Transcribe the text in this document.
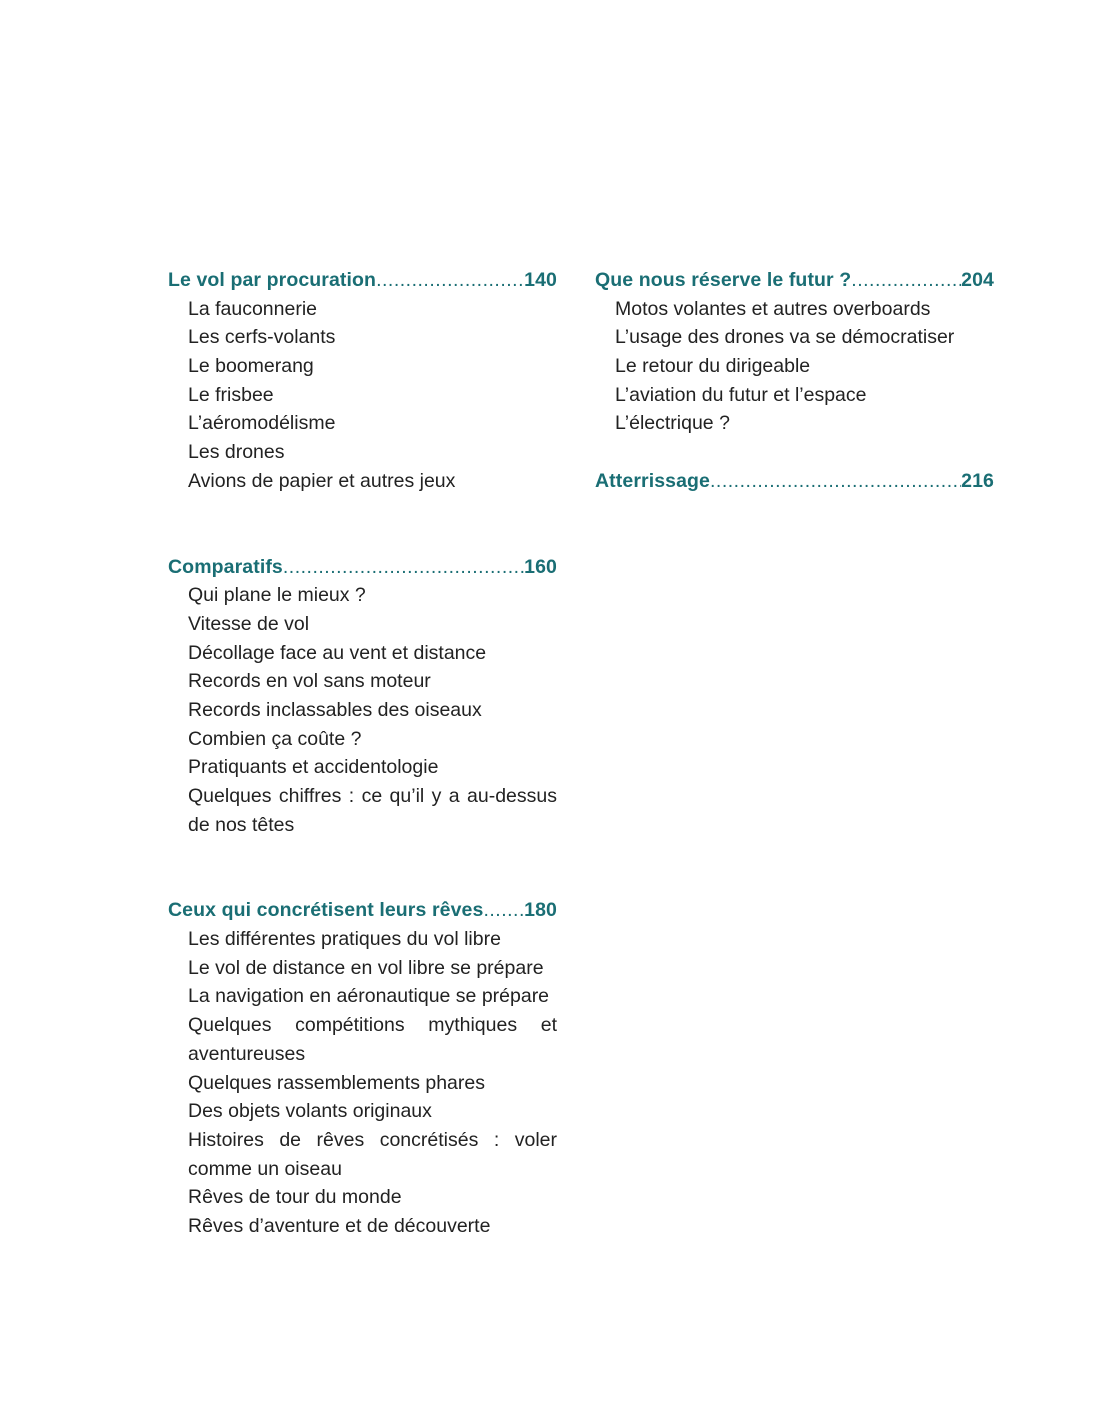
Le vol par procuration .....	140
La fauconnerie
Les cerfs-volants
Le boomerang
Le frisbee
L’aéromodélisme
Les drones
Avions de papier et autres jeux
Comparatifs .....	160
Qui plane le mieux ?
Vitesse de vol
Décollage face au vent et distance
Records en vol sans moteur
Records inclassables des oiseaux
Combien ça coûte ?
Pratiquants et accidentologie
Quelques chiffres : ce qu’il y a au-dessus de nos têtes
Ceux qui concrétisent leurs rêves ..... 180
Les différentes pratiques du vol libre
Le vol de distance en vol libre se prépare
La navigation en aéronautique se prépare
Quelques compétitions mythiques et aventureuses
Quelques rassemblements phares
Des objets volants originaux
Histoires de rêves concrétisés : voler comme un oiseau
Rêves de tour du monde
Rêves d’aventure et de découverte
Que nous réserve le futur ? .....	204
Motos volantes et autres overboards
L’usage des drones va se démocratiser
Le retour du dirigeable
L’aviation du futur et l’espace
L’électrique ?
Atterrissage .....	216
